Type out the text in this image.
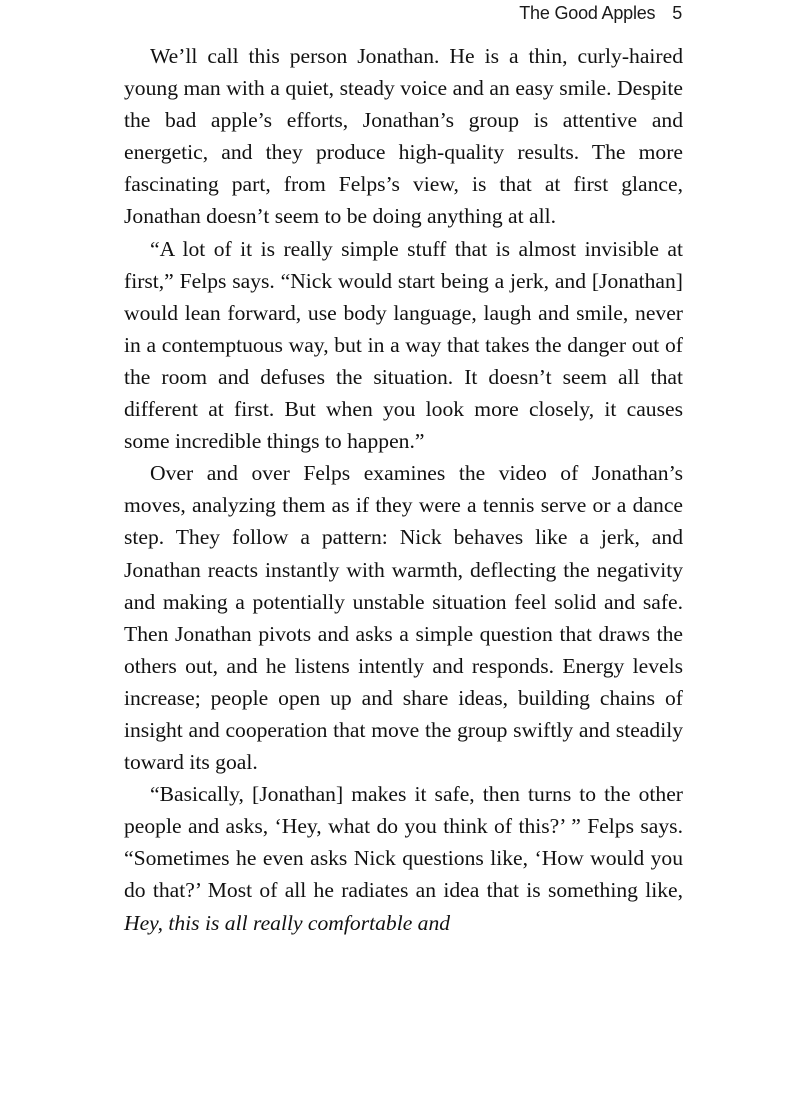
The Good Apples 5

We’ll call this person Jonathan. He is a thin, curly-haired young man with a quiet, steady voice and an easy smile. Despite the bad apple’s efforts, Jonathan’s group is attentive and energetic, and they produce high-quality results. The more fascinating part, from Felps’s view, is that at first glance, Jonathan doesn’t seem to be doing anything at all.

“A lot of it is really simple stuff that is almost invisible at first,” Felps says. “Nick would start being a jerk, and [Jonathan] would lean forward, use body language, laugh and smile, never in a contemptuous way, but in a way that takes the danger out of the room and defuses the situation. It doesn’t seem all that different at first. But when you look more closely, it causes some incredible things to happen.”

Over and over Felps examines the video of Jonathan’s moves, analyzing them as if they were a tennis serve or a dance step. They follow a pattern: Nick behaves like a jerk, and Jonathan reacts instantly with warmth, deflecting the negativity and making a potentially unstable situation feel solid and safe. Then Jonathan pivots and asks a simple question that draws the others out, and he listens intently and responds. Energy levels increase; people open up and share ideas, building chains of insight and cooperation that move the group swiftly and steadily toward its goal.

“Basically, [Jonathan] makes it safe, then turns to the other people and asks, ‘Hey, what do you think of this?’ ” Felps says. “Sometimes he even asks Nick questions like, ‘How would you do that?’ Most of all he radiates an idea that is something like, Hey, this is all really comfortable and
